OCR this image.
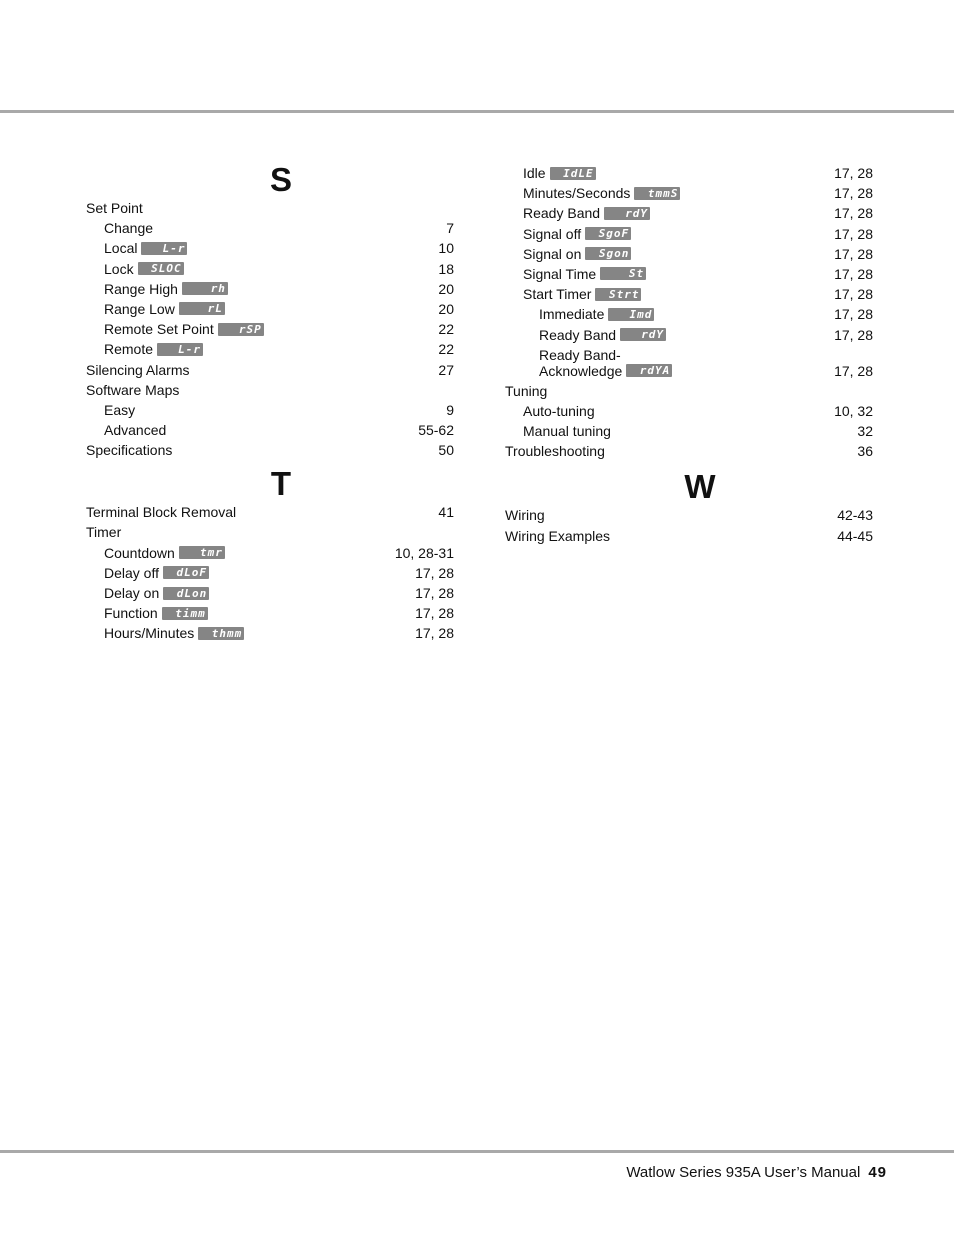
S
Set Point
Change	7
Local	L-r	10
Lock	SLOC	18
Range High	rh	20
Range Low	rL	20
Remote Set Point	rSP	22
Remote	L-r	22
Silencing Alarms	27
Software Maps
Easy	9
Advanced	55-62
Specifications	50
T
Terminal Block Removal	41
Timer
Countdown	tmr	10, 28-31
Delay off	dLoF	17, 28
Delay on	dLon	17, 28
Function	timm	17, 28
Hours/Minutes	thmm	17, 28
Idle	IdLE	17, 28
Minutes/Seconds	tmmS	17, 28
Ready Band	rdY	17, 28
Signal off	SgoF	17, 28
Signal on	Sgon	17, 28
Signal Time	St	17, 28
Start Timer	Strt	17, 28
Immediate	Imd	17, 28
Ready Band	rdY	17, 28
Ready Band-
Acknowledge	rdYA	17, 28
Tuning
Auto-tuning	10, 32
Manual tuning	32
Troubleshooting	36
W
Wiring	42-43
Wiring Examples	44-45
Watlow Series 935A User’s Manual 49
